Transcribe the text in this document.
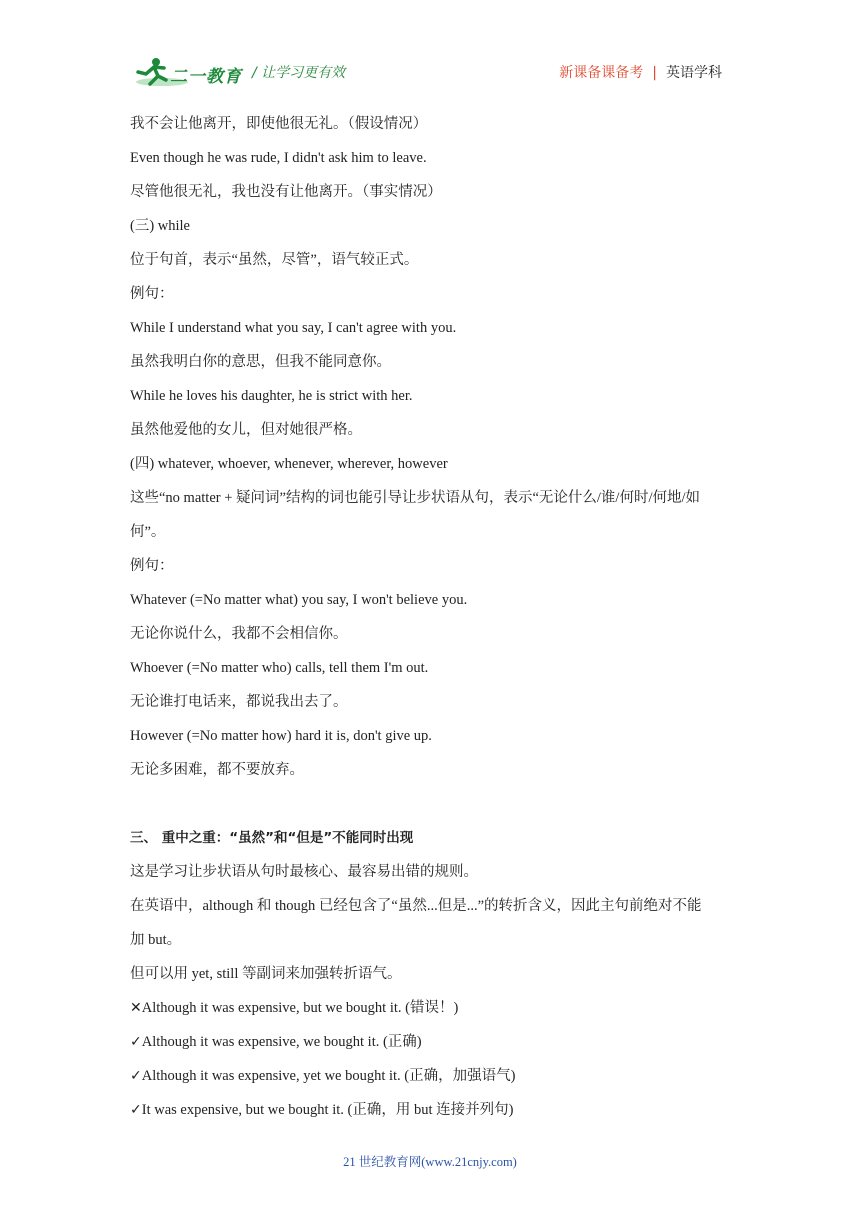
二一教育 / 让学习更有效	新课备课备考 | 英语学科
我不会让他离开，即使他很无礼。（假设情况）
Even though he was rude, I didn't ask him to leave.
尽管他很无礼，我也没有让他离开。（事实情况）
(三) while
位于句首，表示“虽然，尽管”，语气较正式。
例句：
While I understand what you say, I can't agree with you.
虽然我明白你的意思，但我不能同意你。
While he loves his daughter, he is strict with her.
虽然他爱他的女儿，但对她很严格。
(四) whatever, whoever, whenever, wherever, however
这些“no matter + 疑问词”结构的词也能引导让步状语从句，表示“无论什么/谁/何时/何地/如
何”。
例句：
Whatever (=No matter what) you say, I won't believe you.
无论你说什么，我都不会相信你。
Whoever (=No matter who) calls, tell them I'm out.
无论谁打电话来，都说我出去了。
However (=No matter how) hard it is, don't give up.
无论多困难，都不要放弃。
三、 重中之重：“虽然”和“但是”不能同时出现
这是学习让步状语从句时最核心、最容易出错的规则。
在英语中，although 和 though 已经包含了“虽然...但是...”的转折含义，因此主句前绝对不能
加 but。
但可以用 yet, still 等副词来加强转折语气。
✕Although it was expensive, but we bought it. (错误！)
✓Although it was expensive, we bought it. (正确)
✓Although it was expensive, yet we bought it. (正确，加强语气)
✓It was expensive, but we bought it. (正确，用 but 连接并列句)
21 世纪教育网(www.21cnjy.com)
